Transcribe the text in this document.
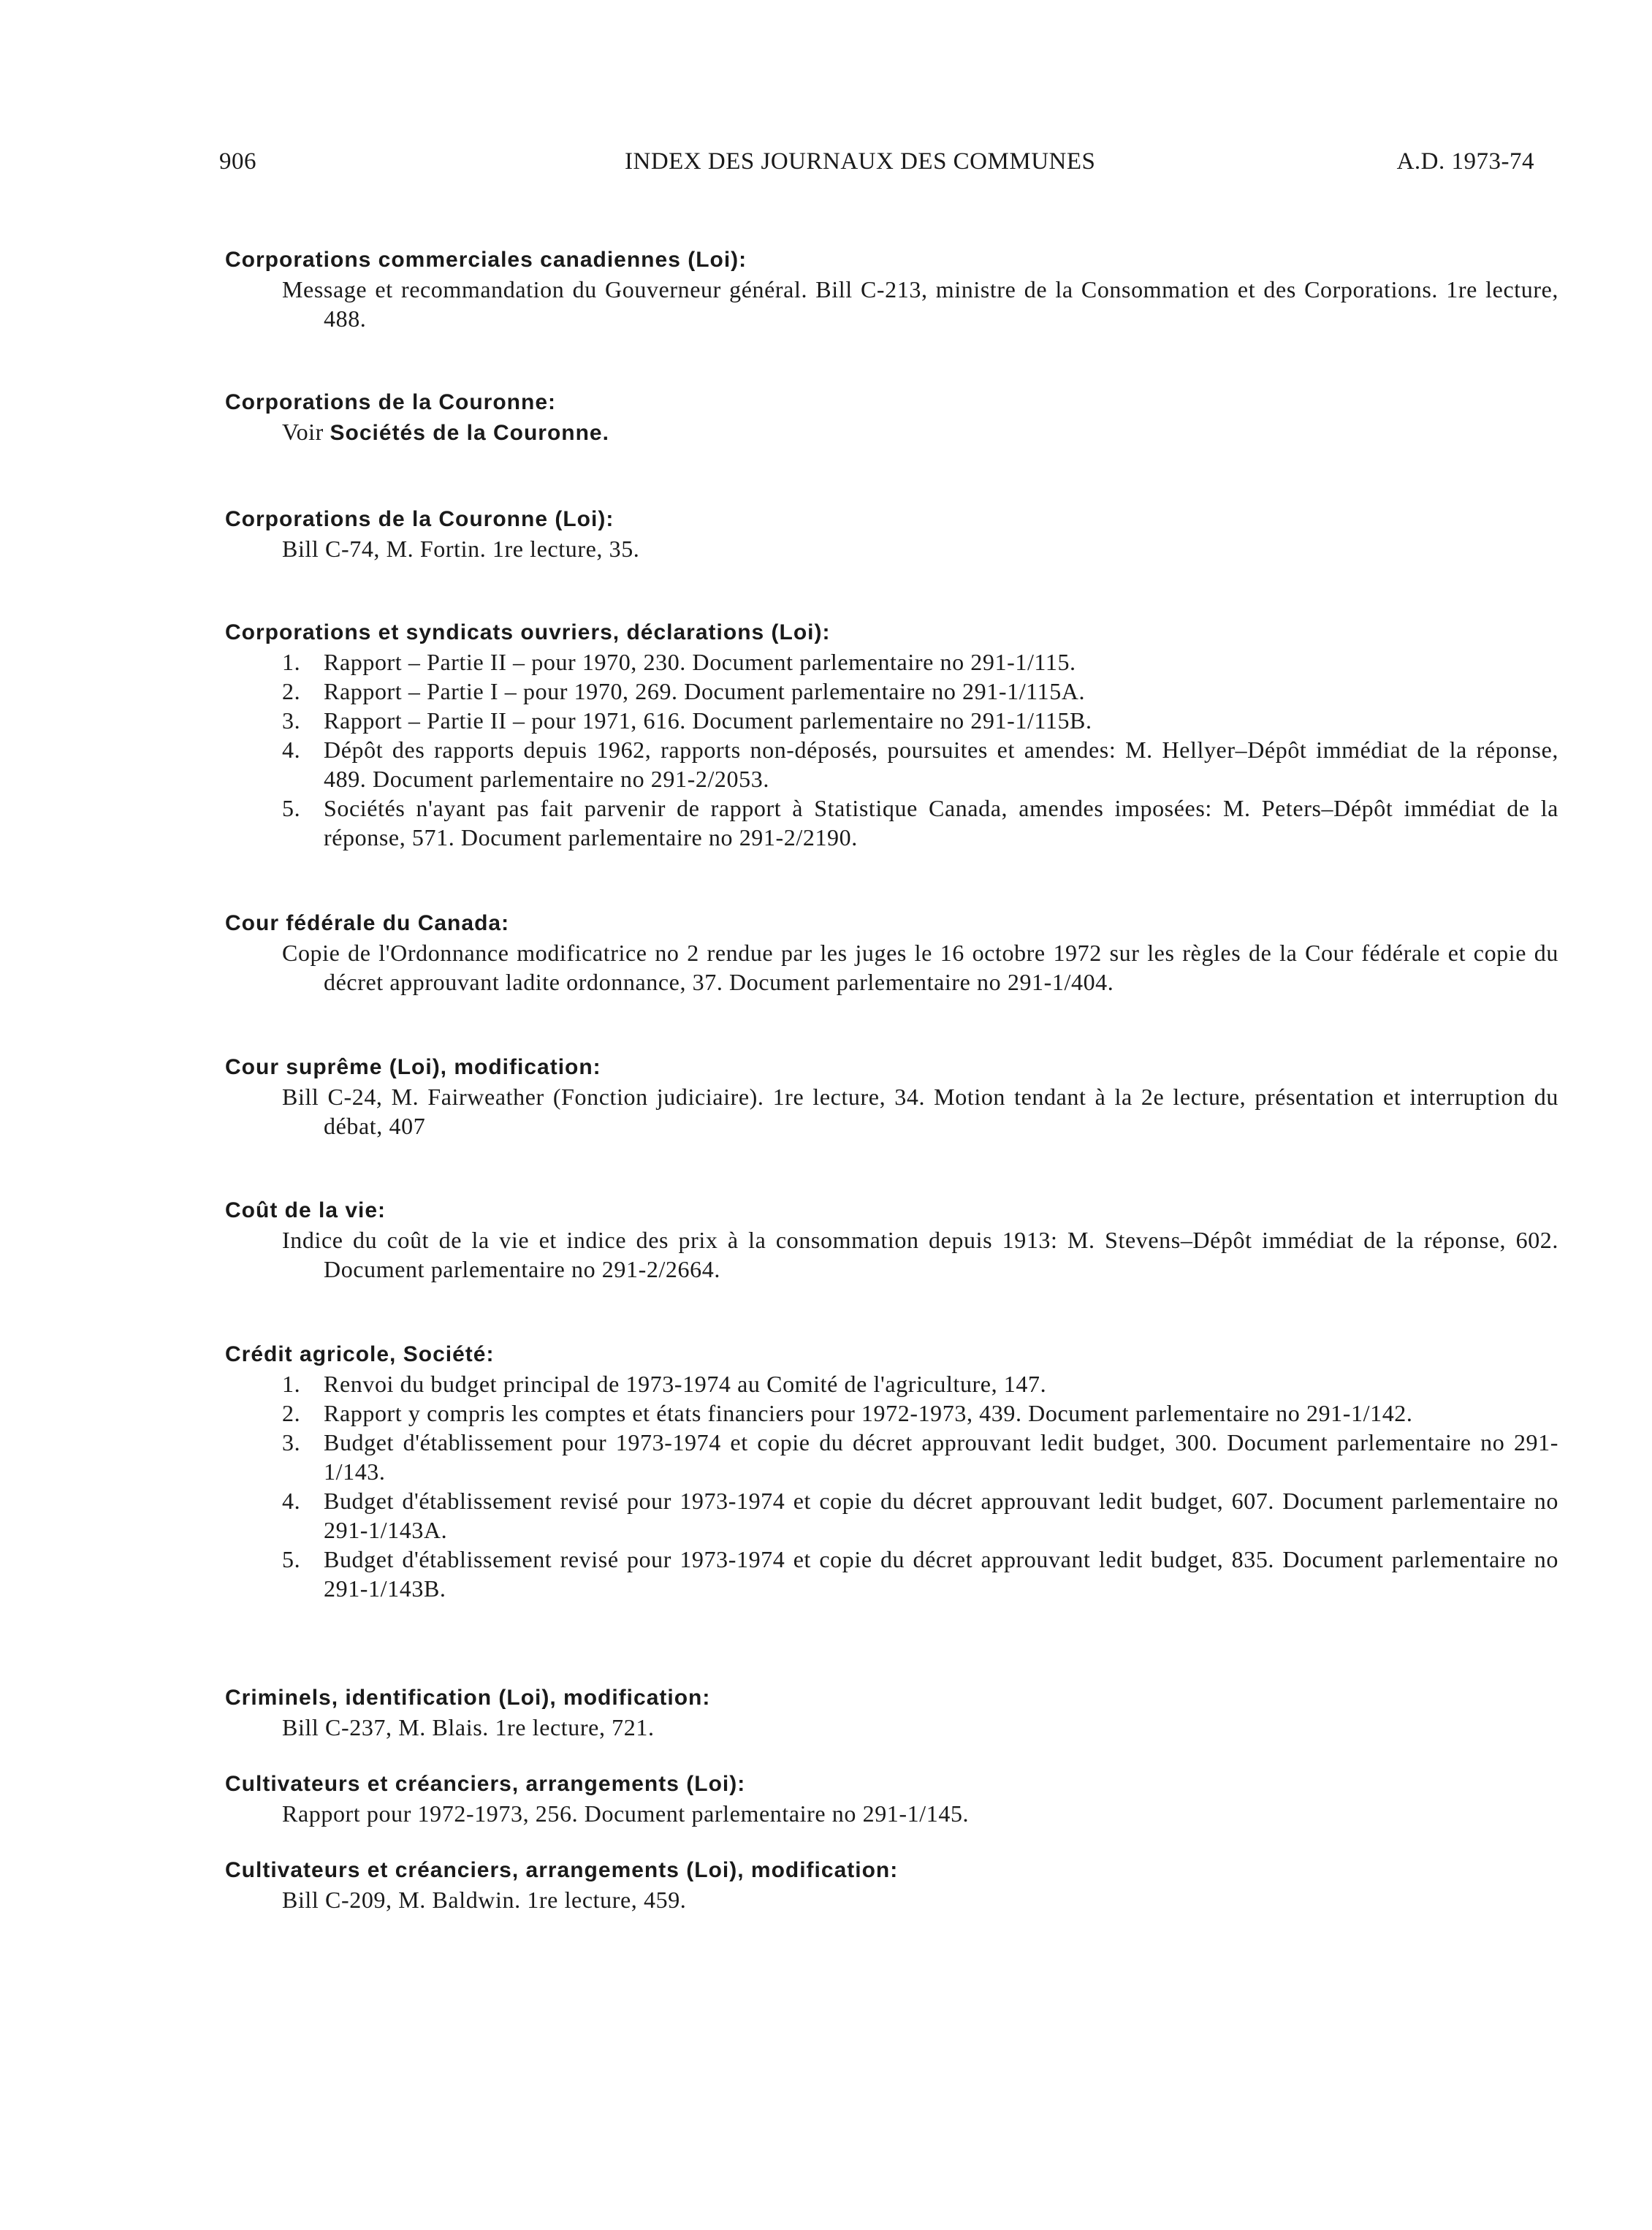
906	INDEX DES JOURNAUX DES COMMUNES	A.D. 1973-74

Corporations commerciales canadiennes (Loi):

Message et recommandation du Gouverneur général. Bill C-213, ministre de la Consommation et des Corporations. 1re lecture, 488.

Corporations de la Couronne:

Voir Sociétés de la Couronne.

Corporations de la Couronne (Loi):

Bill C-74, M. Fortin. 1re lecture, 35.

Corporations et syndicats ouvriers, déclarations (Loi):

1. Rapport – Partie II – pour 1970, 230. Document parlementaire no 291-1/115.
2. Rapport – Partie I – pour 1970, 269. Document parlementaire no 291-1/115A.
3. Rapport – Partie II – pour 1971, 616. Document parlementaire no 291-1/115B.
4. Dépôt des rapports depuis 1962, rapports non-déposés, poursuites et amendes: M. Hellyer–Dépôt immédiat de la réponse, 489. Document parlementaire no 291-2/2053.
5. Sociétés n'ayant pas fait parvenir de rapport à Statistique Canada, amendes imposées: M. Peters–Dépôt immédiat de la réponse, 571. Document parlementaire no 291-2/2190.

Cour fédérale du Canada:

Copie de l'Ordonnance modificatrice no 2 rendue par les juges le 16 octobre 1972 sur les règles de la Cour fédérale et copie du décret approuvant ladite ordonnance, 37. Document parlementaire no 291-1/404.

Cour suprême (Loi), modification:

Bill C-24, M. Fairweather (Fonction judiciaire). 1re lecture, 34. Motion tendant à la 2e lecture, présentation et interruption du débat, 407

Coût de la vie:

Indice du coût de la vie et indice des prix à la consommation depuis 1913: M. Stevens–Dépôt immédiat de la réponse, 602. Document parlementaire no 291-2/2664.

Crédit agricole, Société:

1. Renvoi du budget principal de 1973-1974 au Comité de l'agriculture, 147.
2. Rapport y compris les comptes et états financiers pour 1972-1973, 439. Document parlementaire no 291-1/142.
3. Budget d'établissement pour 1973-1974 et copie du décret approuvant ledit budget, 300. Document parlementaire no 291-1/143.
4. Budget d'établissement revisé pour 1973-1974 et copie du décret approuvant ledit budget, 607. Document parlementaire no 291-1/143A.
5. Budget d'établissement revisé pour 1973-1974 et copie du décret approuvant ledit budget, 835. Document parlementaire no 291-1/143B.

Criminels, identification (Loi), modification:

Bill C-237, M. Blais. 1re lecture, 721.

Cultivateurs et créanciers, arrangements (Loi):

Rapport pour 1972-1973, 256. Document parlementaire no 291-1/145.

Cultivateurs et créanciers, arrangements (Loi), modification:

Bill C-209, M. Baldwin. 1re lecture, 459.
